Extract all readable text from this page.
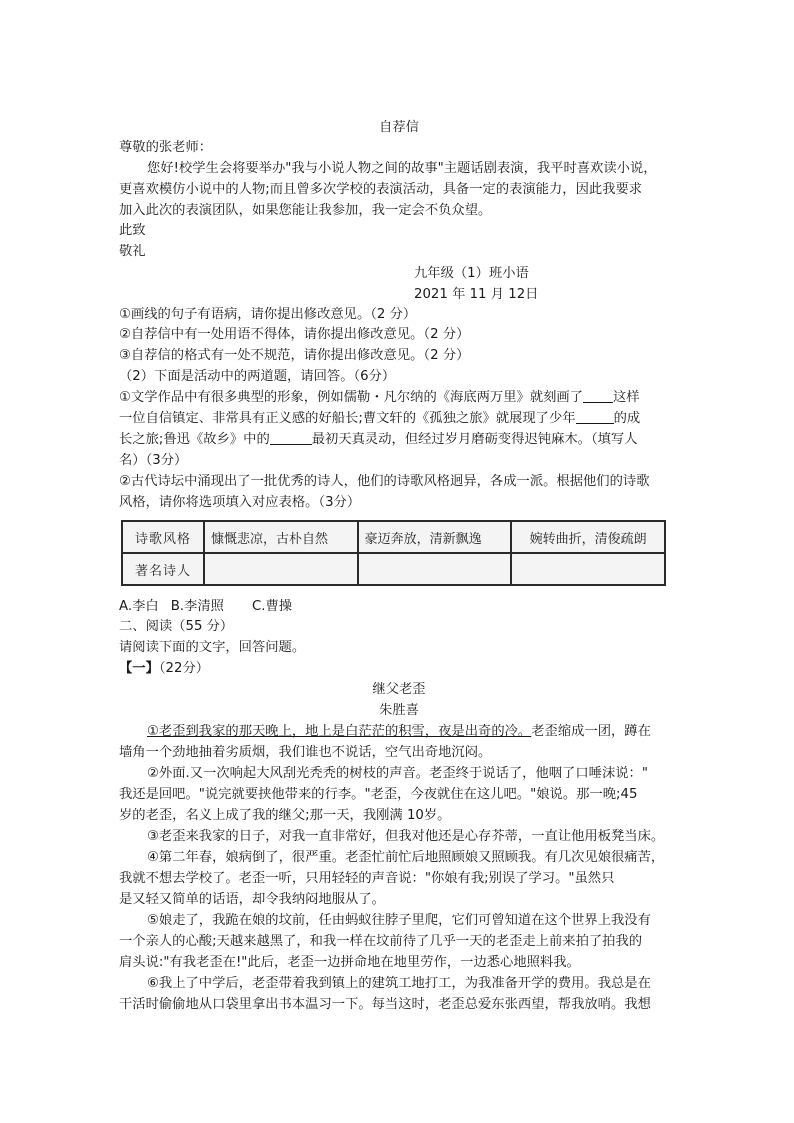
自荐信
尊敬的张老师：
您好!校学生会将要举办"我与小说人物之间的故事"主题话剧表演，我平时喜欢读小说，
更喜欢模仿小说中的人物;而且曾多次学校的表演活动，具备一定的表演能力，因此我要求
加入此次的表演团队，如果您能让我参加，我一定会不负众望。
此致
敬礼
九年级（1）班小语
2021 年 11 月 12日
①画线的句子有语病，请你提出修改意见。（2 分）
②自荐信中有一处用语不得体，请你提出修改意见。（2 分）
③自荐信的格式有一处不规范，请你提出修改意见。（2 分）
（2）下面是活动中的两道题，请回答。（6分）
①文学作品中有很多典型的形象，例如儒勒・凡尔纳的《海底两万里》就刻画了 这样
一位自信镇定、非常具有正义感的好船长;曹文轩的《孤独之旅》就展现了少年	的成
长之旅;鲁迅《故乡》中的	最初天真灵动，但经过岁月磨砺变得迟钝麻木。（填写人
名）（3分）
②古代诗坛中涌现出了一批优秀的诗人，他们的诗歌风格迥异，各成一派。根据他们的诗歌
风格，请你将选项填入对应表格。（3分）
诗歌风格	慷慨悲凉，古朴自然	豪迈奔放，清新飘逸	婉转曲折，清俊疏朗
著名诗人			
A.李白 B.李清照 C.曹操
二、阅读（55 分）
请阅读下面的文字，回答问题。
【一】（22分）
继父老歪
朱胜喜
①老歪到我家的那天晚上，地上是白茫茫的积雪，夜是出奇的冷。老歪缩成一团，蹲在
墙角一个劲地抽着劣质烟，我们谁也不说话，空气出奇地沉闷。
②外面.又一次响起大风刮光秃秃的树枝的声音。老歪终于说话了，他咽了口唾沫说："
我还是回吧。"说完就要挟他带来的行李。"老歪，今夜就住在这儿吧。"娘说。那一晚;45
岁的老歪，名义上成了我的继父;那一天，我刚满 10岁。
③老歪来我家的日子，对我一直非常好，但我对他还是心存芥蒂，一直让他用板凳当床。
④第二年春，娘病倒了，很严重。老歪忙前忙后地照顾娘又照顾我。有几次见娘很痛苦，
我就不想去学校了。老歪一听，只用轻轻的声音说："你娘有我;别误了学习。"虽然只
是又轻又简单的话语，却令我纳闷地服从了。
⑤娘走了，我跪在娘的坟前，任由蚂蚁往脖子里爬，它们可曾知道在这个世界上我没有
一个亲人的心酸;天越来越黑了，和我一样在坟前待了几乎一天的老歪走上前来拍了拍我的
肩头说:"有我老歪在!"此后，老歪一边拼命地在地里劳作，一边悉心地照料我。
⑥我上了中学后，老歪带着我到镇上的建筑工地打工，为我准备开学的费用。我总是在
干活时偷偷地从口袋里拿出书本温习一下。每当这时，老歪总爱东张西望，帮我放哨。我想
